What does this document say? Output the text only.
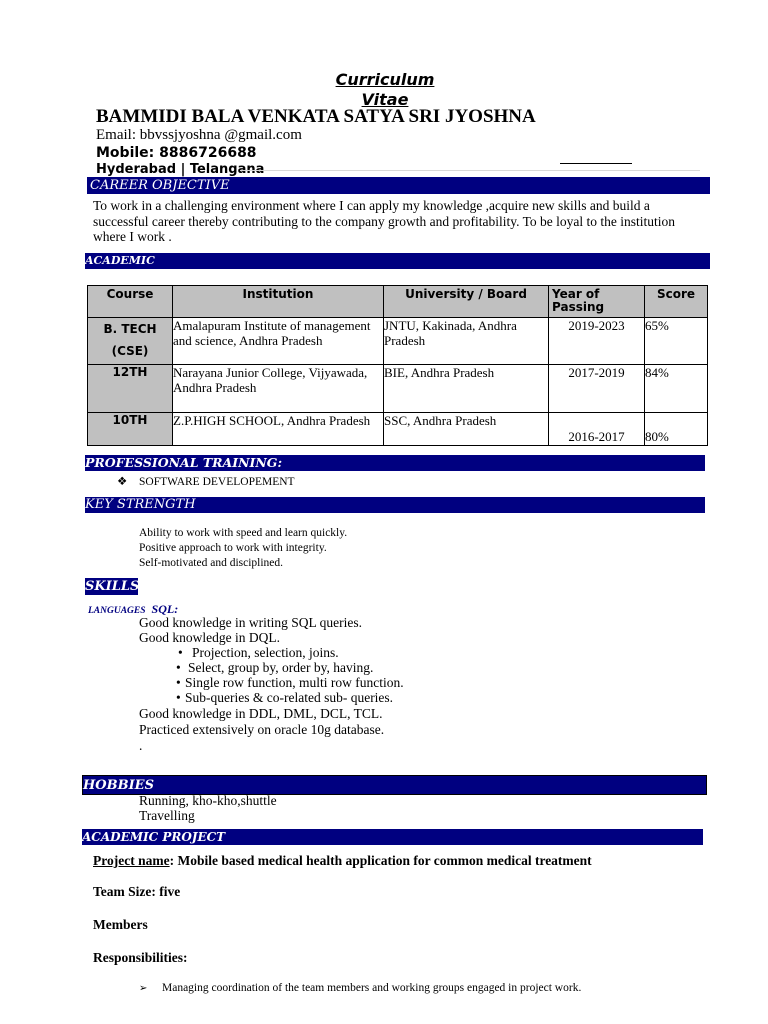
Curriculum
Vitae
BAMMIDI BALA VENKATA SATYA SRI JYOSHNA
Email: bbvssjyoshna @gmail.com
Mobile: 8886726688
Hyderabad | Telangana
CAREER OBJECTIVE
To work in a challenging environment where I can apply my knowledge ,acquire new skills and build a successful career thereby contributing to the company growth and profitability. To be loyal to the institution where I work .
ACADEMIC
Course	Institution	University / Board	Year of Passing	Score
B. TECH (CSE)	Amalapuram Institute of management and science, Andhra Pradesh	JNTU, Kakinada, Andhra Pradesh	2019-2023	65%
12TH	Narayana Junior College, Vijyawada, Andhra Pradesh	BIE, Andhra Pradesh	2017-2019	84%
10TH	Z.P.HIGH SCHOOL, Andhra Pradesh	SSC, Andhra Pradesh	2016-2017	80%
PROFESSIONAL TRAINING:
❖ SOFTWARE DEVELOPEMENT
KEY STRENGTH
Ability to work with speed and learn quickly.
Positive approach to work with integrity.
Self-motivated and disciplined.
SKILLS
LANGUAGES SQL:
Good knowledge in writing SQL queries.
Good knowledge in DQL.
• Projection, selection, joins.
• Select, group by, order by, having.
• Single row function, multi row function.
• Sub-queries & co-related sub- queries.
Good knowledge in DDL, DML, DCL, TCL.
Practiced extensively on oracle 10g database.
.
HOBBIES
Running, kho-kho,shuttle
Travelling
ACADEMIC PROJECT
Project name: Mobile based medical health application for common medical treatment
Team Size: five
Members
Responsibilities:
➢ Managing coordination of the team members and working groups engaged in project work.
